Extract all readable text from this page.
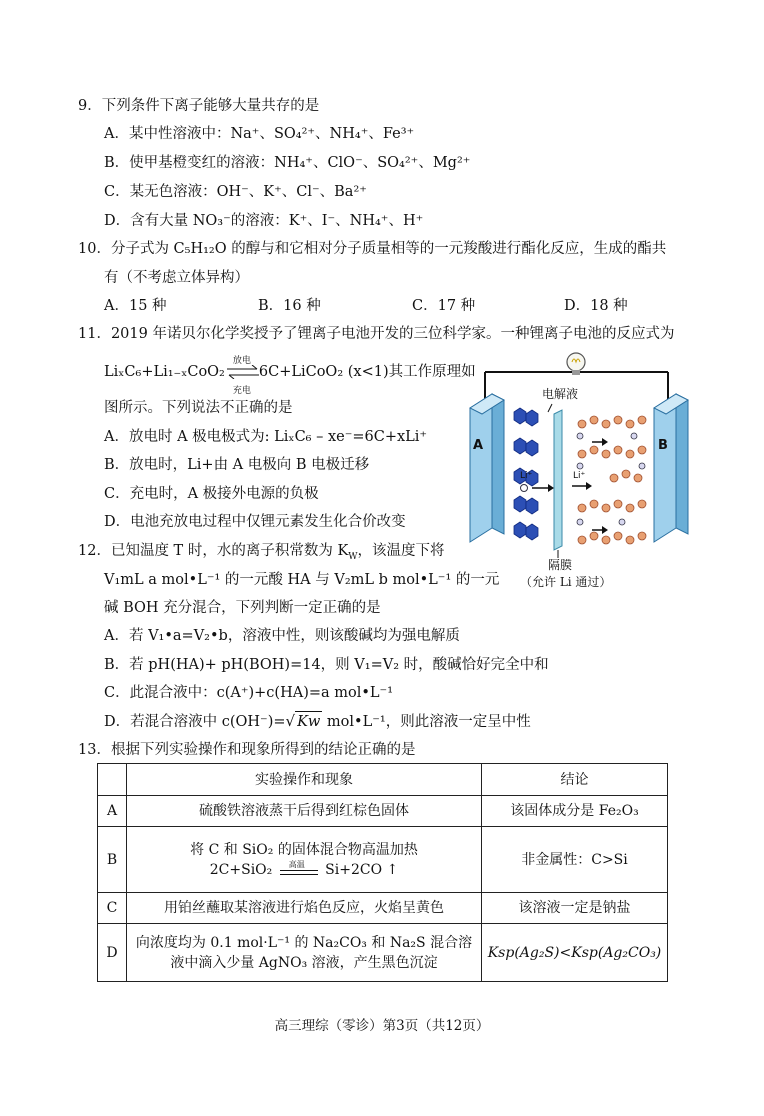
9．下列条件下离子能够大量共存的是
A．某中性溶液中：Na⁺、SO₄²⁺、NH₄⁺、Fe³⁺
B．使甲基橙变红的溶液：NH₄⁺、ClO⁻、SO₄²⁺、Mg²⁺
C．某无色溶液：OH⁻、K⁺、Cl⁻、Ba²⁺
D．含有大量 NO₃⁻的溶液：K⁺、I⁻、NH₄⁺、H⁺
10．分子式为 C₅H₁₂O 的醇与和它相对分子质量相等的一元羧酸进行酯化反应，生成的酯共
有（不考虑立体异构）
A．15 种	B．16 种	C．17 种	D．18 种
11．2019 年诺贝尔化学奖授予了锂离子电池开发的三位科学家。一种锂离子电池的反应式为
LiₓC₆+Li₁₋ₓCoO₂
放电
充电
6C+LiCoO₂ (x<1)其工作原理如
图所示。下列说法不正确的是
A．放电时 A 极电极式为: LiₓC₆ – xe⁻=6C+xLi⁺
B．放电时，Li+由 A 电极向 B 电极迁移
C．充电时，A 极接外电源的负极
D．电池充放电过程中仅锂元素发生化合价改变
A
电解液
Li⁺	Li⁺
B
隔膜
（允许 Li 通过）
12．已知温度 T 时，水的离子积常数为 $K_W$，该温度下将
V₁mL a mol•L⁻¹ 的一元酸 HA 与 V₂mL b mol•L⁻¹ 的一元
碱 BOH 充分混合，下列判断一定正确的是
A．若 V₁•a=V₂•b，溶液中性，则该酸碱均为强电解质
B．若 pH(HA)+ pH(BOH)=14，则 V₁=V₂ 时，酸碱恰好完全中和
C．此混合液中：c(A⁺)+c(HA)=a mol•L⁻¹
D．若混合溶液中 c(OH⁻)=√ Kw mol•L⁻¹，则此溶液一定呈中性
13．根据下列实验操作和现象所得到的结论正确的是
	实验操作和现象	结论
A	硫酸铁溶液蒸干后得到红棕色固体	该固体成分是 Fe₂O₃
B	将 C 和 SiO₂ 的固体混合物高温加热
2C+SiO₂ 高温 Si+2CO ↑	非金属性：C>Si
C	用铂丝蘸取某溶液进行焰色反应，火焰呈黄色	该溶液一定是钠盐
D	向浓度均为 0.1 mol·L⁻¹ 的 Na₂CO₃ 和 Na₂S 混合溶
液中滴入少量 AgNO₃ 溶液，产生黑色沉淀	Ksp(Ag₂S)<Ksp(Ag₂CO₃)
高三理综（零诊）第3页（共12页）
